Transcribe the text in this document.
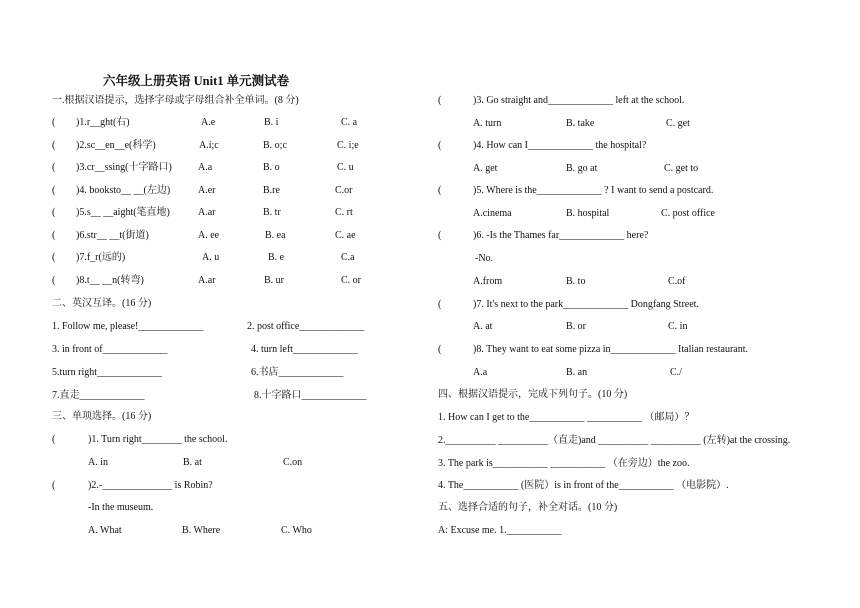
六年级上册英语 Unit1 单元测试卷
一.根据汉语提示，选择字母或字母组合补全单词。(8 分)
( )1.r__ght(右)	A.e	B. i	C. a
( )2.sc__en__e(科学)	A.i;c	B. o;c	C. i;e
( )3.cr__ssing(十字路口)	A.a	B. o	C. u
( )4. booksto__ __(左边)	A.er	B.re	C.or
( )5.s__ __aight(笔直地)	A.ar	B. tr	C. rt
( )6.str__ __t(街道)	A. ee	B. ea	C. ae
( )7.f_r(远的)	A. u	B. e	C.a
( )8.t__ __n(转弯)	A.ar	B. ur	C. or
二、英汉互译。(16 分)
1. Follow me, please!_____________	2. post office_____________
3. in front of_____________	4. turn left_____________
5.turn right_____________	6.书店_____________
7.直走_____________	8.十字路口_____________
三、单项选择。(16 分)
(	)1. Turn right________ the school.
A. in	B. at	C.on
(	)2.-______________ is Robin?
-In the museum.
A. What	B. Where	C. Who
(	)3. Go straight and_____________ left at the school.
A. turn	B. take	C. get
(	)4. How can I_____________ the hospital?
A. get	B. go at	C. get to
(	)5. Where is the_____________ ? I want to send a postcard.
A.cinema	B. hospital	C. post office
(	)6. -Is the Thames far_____________ here?
-No.
A.from	B. to	C.of
(	)7. It's next to the park_____________ Dongfang Street.
A. at	B. or	C. in
(	)8. They want to eat some pizza in_____________ Italian restaurant.
A.a	B. an	C./
四、根据汉语提示，完成下列句子。(10 分)
1. How can I get to the___________ ___________ （邮局）？
2.__________ __________（直走)and __________ __________ (左转)at the crossing.
3. The park is___________ ___________ （在旁边）the zoo.
4. The___________ (医院）is in front of the___________ （电影院）.
五、选择合适的句子，补全对话。(10 分)
A: Excuse me. 1.___________
